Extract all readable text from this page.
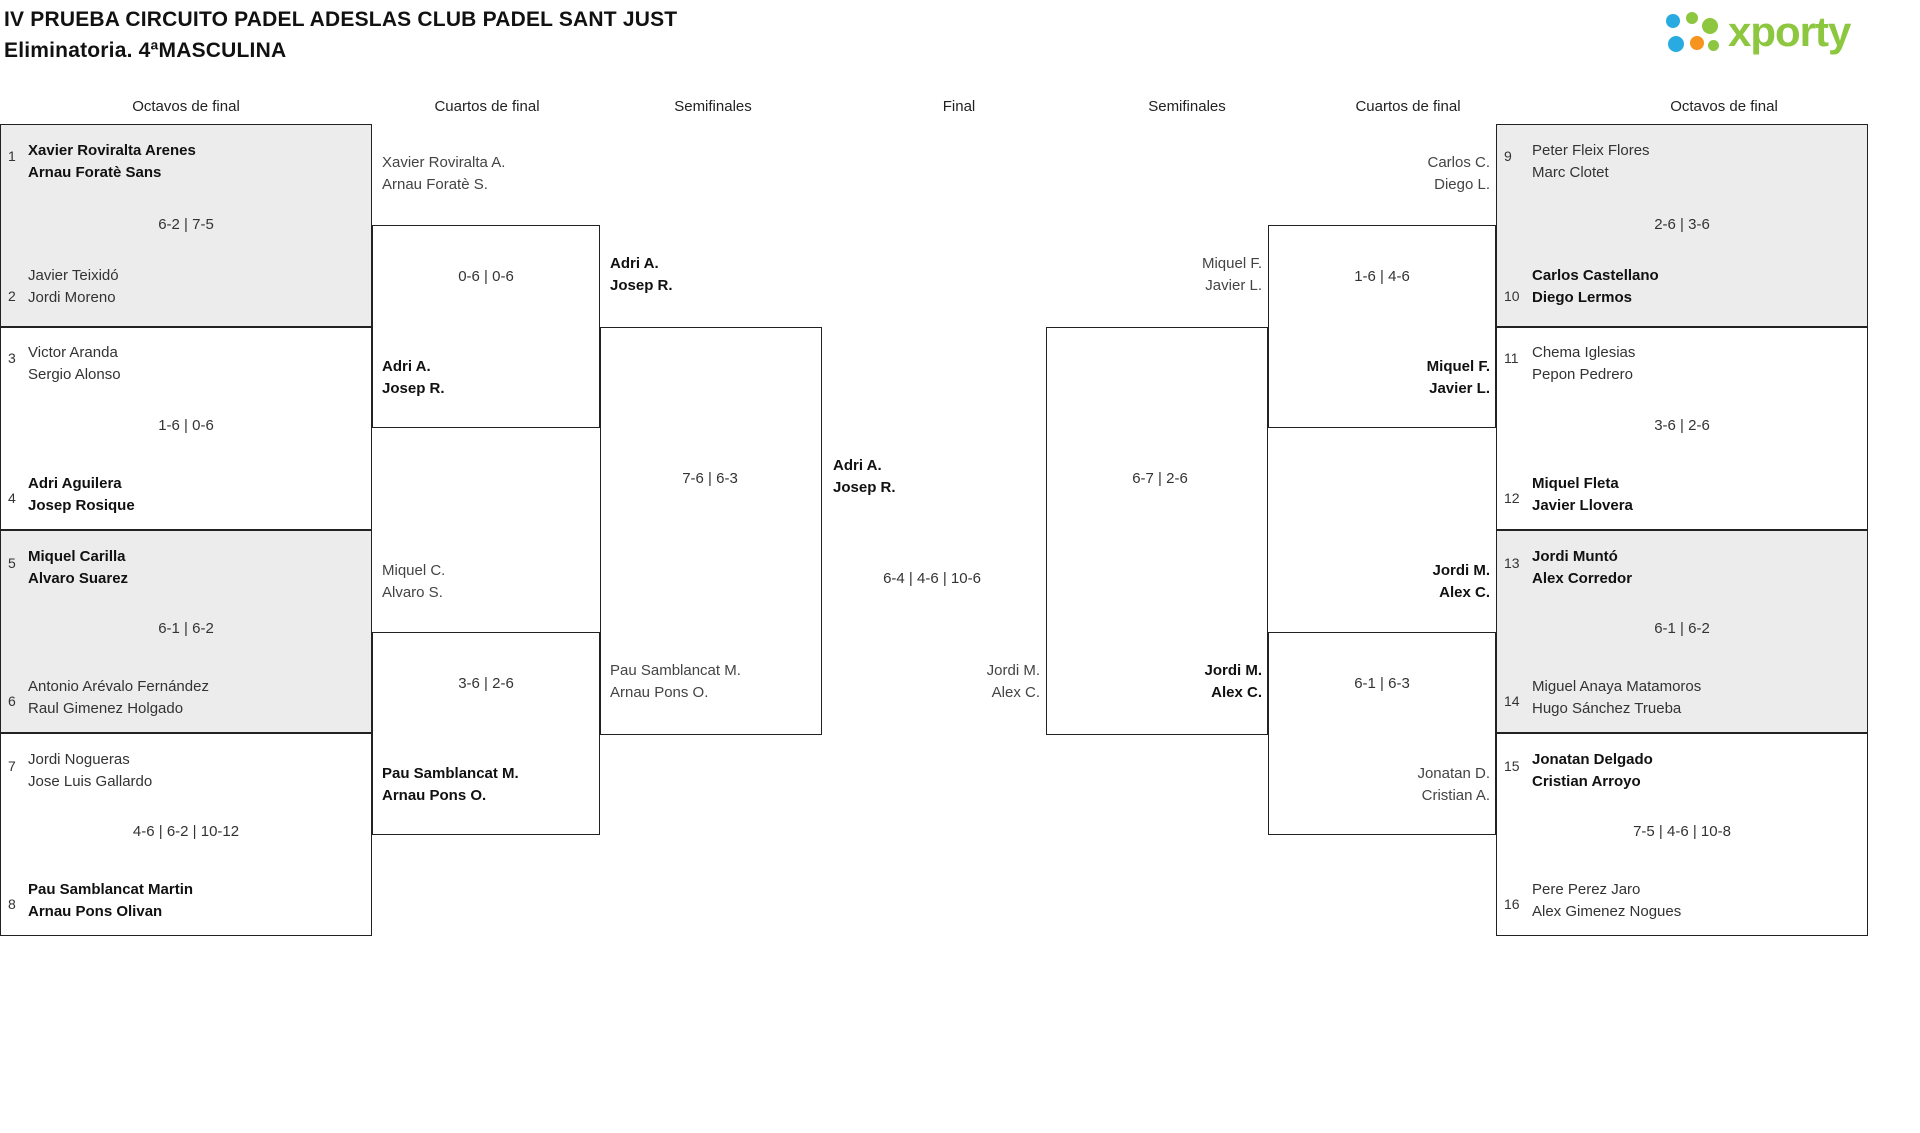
IV PRUEBA CIRCUITO PADEL ADESLAS CLUB PADEL SANT JUST
Eliminatoria. 4ªMASCULINA	xporty
Octavos de final	Cuartos de final	Semifinales	Final	Semifinales	Cuartos de final	Octavos de final
1 Xavier Roviralta Arenes
Arnau Foratè Sans
6-2 | 7-5
2
Javier Teixidó
Jordi Moreno
3 Victor Aranda
Sergio Alonso
1-6 | 0-6
4
Adri Aguilera
Josep Rosique
5 Miquel Carilla
Alvaro Suarez
6-1 | 6-2
6
Antonio Arévalo Fernández
Raul Gimenez Holgado
7 Jordi Nogueras
Jose Luis Gallardo
4-6 | 6-2 | 10-12
8
Pau Samblancat Martin
Arnau Pons Olivan
Xavier Roviralta A.
Arnau Foratè S.
0-6 | 0-6
Adri A.
Josep R.
Miquel C.
Alvaro S.
3-6 | 2-6
Pau Samblancat M.
Arnau Pons O.
Adri A.
Josep R.
7-6 | 6-3
Pau Samblancat M.
Arnau Pons O.
Adri A.
Josep R.
6-4 | 4-6 | 10-6
Jordi M.
Alex C.
Miquel F.
Javier L.
6-7 | 2-6
Jordi M.
Alex C.
Carlos C.
Diego L.
1-6 | 4-6
Miquel F.
Javier L.
Jordi M.
Alex C.
6-1 | 6-3
Jonatan D.
Cristian A.
9 Peter Fleix Flores
Marc Clotet
2-6 | 3-6
10
Carlos Castellano
Diego Lermos
11 Chema Iglesias
Pepon Pedrero
3-6 | 2-6
12
Miquel Fleta
Javier Llovera
13 Jordi Muntó
Alex Corredor
6-1 | 6-2
14
Miguel Anaya Matamoros
Hugo Sánchez Trueba
15 Jonatan Delgado
Cristian Arroyo
7-5 | 4-6 | 10-8
16
Pere Perez Jaro
Alex Gimenez Nogues
